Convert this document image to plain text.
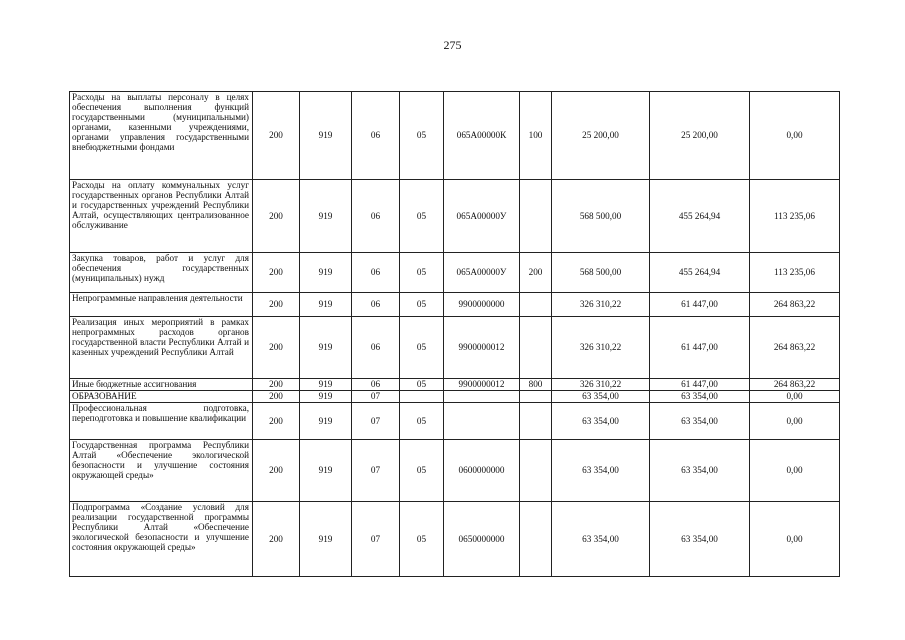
275
Расходы на выплаты персоналу в целях обеспечения выполнения функций государственными (муниципальными) органами, казенными учреждениями, органами управления государственными внебюджетными фондами	200	919	06	05	065A00000К	100	25 200,00	25 200,00	0,00
Расходы на оплату коммунальных услуг государственных органов Республики Алтай и государственных учреждений Республики Алтай, осуществляющих централизованное обслуживание	200	919	06	05	065A00000У		568 500,00	455 264,94	113 235,06
Закупка товаров, работ и услуг для обеспечения государственных (муниципальных) нужд	200	919	06	05	065A00000У	200	568 500,00	455 264,94	113 235,06
Непрограммные направления деятельности	200	919	06	05	9900000000		326 310,22	61 447,00	264 863,22
Реализация иных мероприятий в рамках непрограммных расходов органов государственной власти Республики Алтай и казенных учреждений Республики Алтай	200	919	06	05	9900000012		326 310,22	61 447,00	264 863,22
Иные бюджетные ассигнования	200	919	06	05	9900000012	800	326 310,22	61 447,00	264 863,22
ОБРАЗОВАНИЕ	200	919	07				63 354,00	63 354,00	0,00
Профессиональная подготовка, переподготовка и повышение квалификации	200	919	07	05			63 354,00	63 354,00	0,00
Государственная программа Республики Алтай «Обеспечение экологической безопасности и улучшение состояния окружающей среды»	200	919	07	05	0600000000		63 354,00	63 354,00	0,00
Подпрограмма «Создание условий для реализации государственной программы Республики Алтай «Обеспечение экологической безопасности и улучшение состояния окружающей среды»	200	919	07	05	0650000000		63 354,00	63 354,00	0,00
